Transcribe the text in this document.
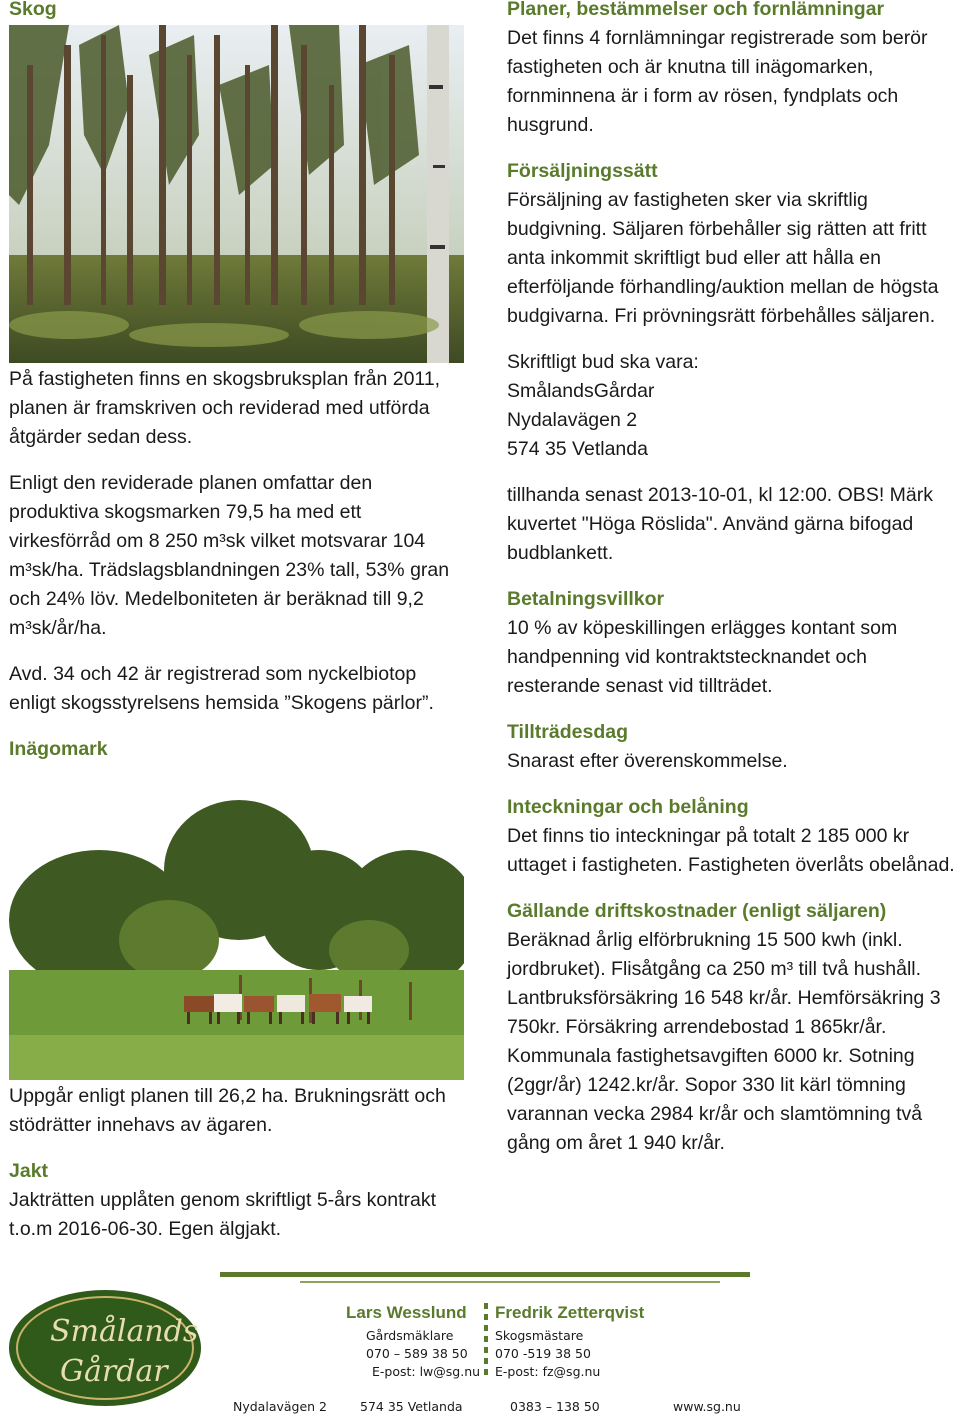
Skog

På fastigheten finns en skogsbruksplan från 2011, planen är framskriven och reviderad med utförda åtgärder sedan dess.

Enligt den reviderade planen omfattar den produktiva skogsmarken 79,5 ha med ett virkesförråd om 8 250 m³sk vilket motsvarar 104 m³sk/ha. Trädslagsblandningen 23% tall, 53% gran och 24% löv. Medelboniteten är beräknad till 9,2 m³sk/år/ha.

Avd. 34 och 42 är registrerad som nyckelbiotop enligt skogsstyrelsens hemsida ”Skogens pärlor”.

Inägomark

Uppgår enligt planen till 26,2 ha. Brukningsrätt och stödrätter innehavs av ägaren.

Jakt

Jakträtten upplåten genom skriftligt 5-års kontrakt t.o.m 2016-06-30. Egen älgjakt.

Planer, bestämmelser och fornlämningar

Det finns 4 fornlämningar registrerade som berör fastigheten och är knutna till inägomarken, fornminnena är i form av rösen, fyndplats och husgrund.

Försäljningssätt

Försäljning av fastigheten sker via skriftlig budgivning. Säljaren förbehåller sig rätten att fritt anta inkommit skriftligt bud eller att hålla en efterföljande förhandling/auktion mellan de högsta budgivarna. Fri prövningsrätt förbehålles säljaren.

Skriftligt bud ska vara:

SmålandsGårdar

Nydalavägen 2

574 35 Vetlanda

tillhanda senast 2013-10-01, kl 12:00. OBS! Märk kuvertet "Höga Röslida". Använd gärna bifogad budblankett.

Betalningsvillkor

10 % av köpeskillingen erlägges kontant som handpenning vid kontraktstecknandet och resterande senast vid tillträdet.

Tillträdesdag

Snarast efter överenskommelse.

Inteckningar och belåning

Det finns tio inteckningar på totalt 2 185 000 kr uttaget i fastigheten. Fastigheten överlåts obelånad.

Gällande driftskostnader (enligt säljaren)

Beräknad årlig elförbrukning 15 500 kwh (inkl. jordbruket). Flisåtgång ca 250 m³ till två hushåll. Lantbruksförsäkring 16 548 kr/år. Hemförsäkring 3 750kr. Försäkring arrendebostad 1 865kr/år. Kommunala fastighetsavgiften 6000 kr. Sotning (2ggr/år) 1242.kr/år. Sopor 330 lit kärl tömning varannan vecka 2984 kr/år och slamtömning två gång om året 1 940 kr/år.

Smålands
Gårdar
Lars Wesslund
Gårdsmäklare
070 – 589 38 50
E-post: lw@sg.nu
Fredrik Zetterqvist
Skogsmästare
070 -519 38 50
E-post: fz@sg.nu
Nydalavägen 2	574 35 Vetlanda	0383 – 138 50	www.sg.nu
